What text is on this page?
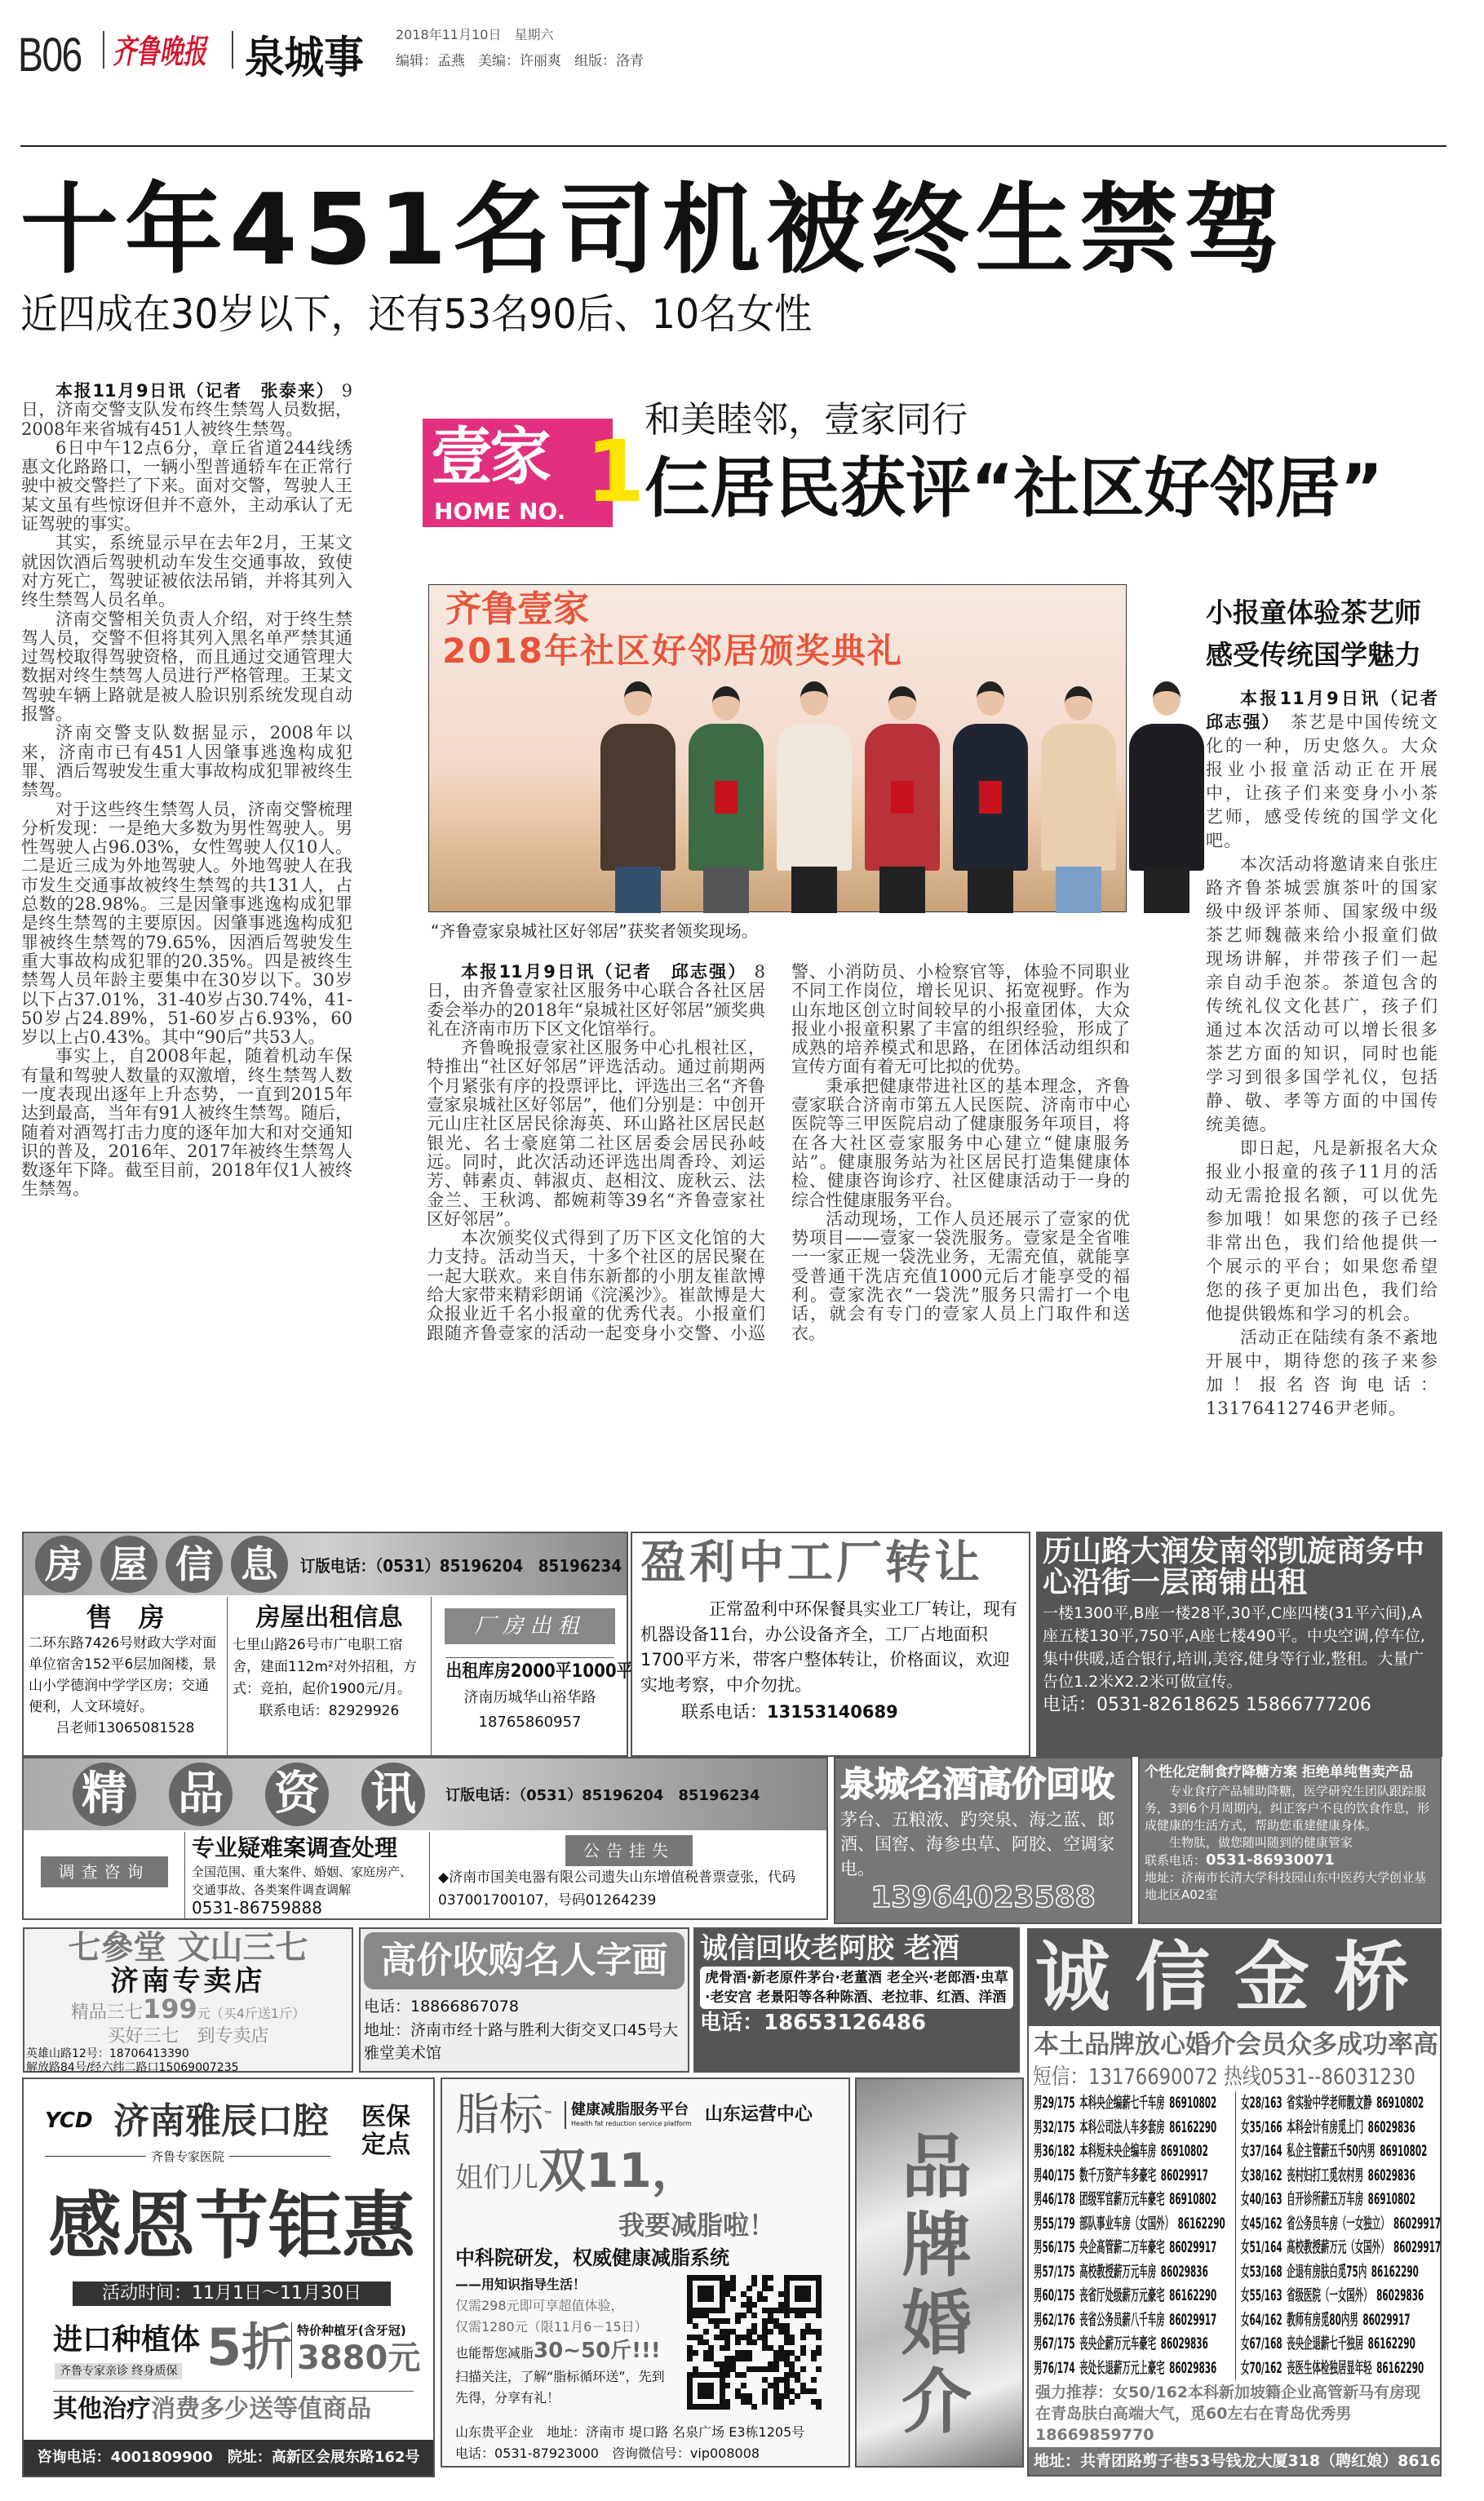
B06 齐鲁晚报 泉城事 2018年11月10日 星期六
编辑：孟燕 美编：许丽爽 组版：洛青
十年451名司机被终生禁驾
近四成在30岁以下，还有53名90后、10名女性

本报11月9日讯（记者　张泰来） 9日，济南交警支队发布终生禁驾人员数据，2008年来省城有451人被终生禁驾。

6日中午12点6分，章丘省道244线绣惠文化路路口，一辆小型普通轿车在正常行驶中被交警拦了下来。面对交警，驾驶人王某文虽有些惊讶但并不意外，主动承认了无证驾驶的事实。

其实，系统显示早在去年2月，王某文就因饮酒后驾驶机动车发生交通事故，致使对方死亡，驾驶证被依法吊销，并将其列入终生禁驾人员名单。

济南交警相关负责人介绍，对于终生禁驾人员，交警不但将其列入黑名单严禁其通过驾校取得驾驶资格，而且通过交通管理大数据对终生禁驾人员进行严格管理。王某文驾驶车辆上路就是被人脸识别系统发现自动报警。

济南交警支队数据显示，2008年以来，济南市已有451人因肇事逃逸构成犯罪、酒后驾驶发生重大事故构成犯罪被终生禁驾。

对于这些终生禁驾人员，济南交警梳理分析发现：一是绝大多数为男性驾驶人。男性驾驶人占96.03%，女性驾驶人仅10人。二是近三成为外地驾驶人。外地驾驶人在我市发生交通事故被终生禁驾的共131人，占总数的28.98%。三是因肇事逃逸构成犯罪是终生禁驾的主要原因。因肇事逃逸构成犯罪被终生禁驾的79.65%，因酒后驾驶发生重大事故构成犯罪的20.35%。四是被终生禁驾人员年龄主要集中在30岁以下。30岁以下占37.01%，31-40岁占30.74%，41-50岁占24.89%，51-60岁占6.93%，60岁以上占0.43%。其中“90后”共53人。

事实上，自2008年起，随着机动车保有量和驾驶人数量的双激增，终生禁驾人数一度表现出逐年上升态势，一直到2015年达到最高，当年有91人被终生禁驾。随后，随着对酒驾打击力度的逐年加大和对交通知识的普及，2016年、2017年被终生禁驾人数逐年下降。截至目前，2018年仅1人被终生禁驾。

壹家
HOME NO. 1
和美睦邻，壹家同行
仨居民获评“社区好邻居”
齐鲁壹家
2018年社区好邻居颁奖典礼
“齐鲁壹家泉城社区好邻居”获奖者领奖现场。

本报11月9日讯（记者　邱志强） 8日，由齐鲁壹家社区服务中心联合各社区居委会举办的2018年“泉城社区好邻居”颁奖典礼在济南市历下区文化馆举行。

齐鲁晚报壹家社区服务中心扎根社区，特推出“社区好邻居”评选活动。通过前期两个月紧张有序的投票评比，评选出三名“齐鲁壹家泉城社区好邻居”，他们分别是：中创开元山庄社区居民徐海英、环山路社区居民赵银光、名士豪庭第二社区居委会居民孙岐远。同时，此次活动还评选出周香玲、刘运芳、韩素贞、韩淑贞、赵相汶、庞秋云、法金兰、王秋鸿、都婉莉等39名“齐鲁壹家社区好邻居”。

本次颁奖仪式得到了历下区文化馆的大力支持。活动当天，十多个社区的居民聚在一起大联欢。来自伟东新都的小朋友崔歆博给大家带来精彩朗诵《浣溪沙》。崔歆博是大众报业近千名小报童的优秀代表。小报童们跟随齐鲁壹家的活动一起变身小交警、小巡警、小消防员、小检察官等，体验不同职业不同工作岗位，增长见识、拓宽视野。作为山东地区创立时间较早的小报童团体，大众报业小报童积累了丰富的组织经验，形成了成熟的培养模式和思路，在团体活动组织和宣传方面有着无可比拟的优势。

秉承把健康带进社区的基本理念，齐鲁壹家联合济南市第五人民医院、济南市中心医院等三甲医院启动了健康服务年项目，将在各大社区壹家服务中心建立“健康服务站”。健康服务站为社区居民打造集健康体检、健康咨询诊疗、社区健康活动于一身的综合性健康服务平台。

活动现场，工作人员还展示了壹家的优势项目——壹家一袋洗服务。壹家是全省唯一一家正规一袋洗业务，无需充值，就能享受普通干洗店充值1000元后才能享受的福利。壹家洗衣“一袋洗”服务只需打一个电话，就会有专门的壹家人员上门取件和送衣。

小报童体验茶艺师
感受传统国学魅力

本报11月9日讯（记者邱志强）　茶艺是中国传统文化的一种，历史悠久。大众报业小报童活动正在开展中，让孩子们来变身小小茶艺师，感受传统的国学文化吧。

本次活动将邀请来自张庄路齐鲁茶城雲旗茶叶的国家级中级评茶师、国家级中级茶艺师魏薇来给小报童们做现场讲解，并带孩子们一起亲自动手泡茶。茶道包含的传统礼仪文化甚广，孩子们通过本次活动可以增长很多茶艺方面的知识，同时也能学习到很多国学礼仪，包括静、敬、孝等方面的中国传统美德。

即日起，凡是新报名大众报业小报童的孩子11月的活动无需抢报名额，可以优先参加哦！如果您的孩子已经非常出色，我们给他提供一个展示的平台；如果您希望您的孩子更加出色，我们给他提供锻炼和学习的机会。

活动正在陆续有条不紊地开展中，期待您的孩子来参加！报名咨询电话：13176412746尹老师。

房 屋 信 息 订版电话：（0531）85196204　85196234
售　房
二环东路7426号财政大学对面单位宿舍152平6层加阁楼，景山小学德润中学学区房；交通便利，人文环境好。
吕老师13065081528
房屋出租信息
七里山路26号市广电职工宿舍，建面112m²对外招租，方式：竞拍，起价1900元/月。
联系电话：82929926
厂房出租
出租库房2000平1000平
济南历城华山裕华路
18765860957
盈利中工厂转让
正常盈利中环保餐具实业工厂转让，现有机器设备11台，办公设备齐全，工厂占地面积1700平方米，带客户整体转让，价格面议，欢迎实地考察，中介勿扰。
联系电话：13153140689
历山路大润发南邻凯旋商务中心沿街一层商铺出租
一楼1300平,B座一楼28平,30平,C座四楼(31平六间),A座五楼130平,750平,A座七楼490平。中央空调,停车位,集中供暖,适合银行,培训,美容,健身等行业,整租。大量广告位1.2米X2.2米可做宣传。
电话：0531-82618625 15866777206
精 品 资 讯 订版电话：（0531）85196204　85196234
调查咨询
专业疑难案调查处理
全国范围、重大案件、婚姻、家庭房产、交通事故、各类案件调查调解
0531-86759888
公告挂失
◆济南市国美电器有限公司遗失山东增值税普票壹张，代码037001700107，号码01264239
泉城名酒高价回收
茅台、五粮液、趵突泉、海之蓝、郎酒、国窖、海参虫草、阿胶、空调家电。
13964023588
个性化定制食疗降糖方案 拒绝单纯售卖产品
专业食疗产品辅助降糖，医学研究生团队跟踪服务，3到6个月周期内，纠正客户不良的饮食作息，形成健康的生活方式，帮助您重建健康身体。
生物肽，做您随叫随到的健康管家
联系电话：0531-86930071
地址：济南市长清大学科技园山东中医药大学创业基地北区A02室
七參堂 文山三七
济南专卖店
精品三七199元（买4斤送1斤）
买好三七　到专卖店
英雄山路12号：18706413390
解放路84号/经六纬二路口15069007235
高价收购名人字画
电话：18866867078
地址：济南市经十路与胜利大街交叉口45号大雅堂美术馆
诚信回收老阿胶 老酒
虎骨酒·新老原件茅台·老董酒 老全兴·老郎酒·虫草·老安宫 老景阳等各种陈酒、老拉菲、红酒、洋酒
电话：18653126486
诚信金桥
本土品牌放心婚介会员众多成功率高
短信：13176690072 热线0531--86031230
男29/175 本科央企编薪七千车房 86910802
男32/175 本科公司法人车多套房 86162290
男36/182 本科短未央企编车房 86910802
男40/175 数千万资产车多豪宅 86029917
男46/178 团级军官薪万元车豪宅 86910802
男55/179 部队事业车房（女国外） 86162290
男56/175 央企高管薪二万车豪宅 86029917
男57/175 高校教授薪万元车房 86029836
男60/175 丧省厅处级薪万元豪宅 86162290
男62/176 丧省公务员薪八千车房 86029917
男67/175 丧央企薪万元车豪宅 86029836
男76/174 丧处长退薪万元上豪宅 86029836
女28/163 省实验中学老师靓文静 86910802
女35/166 本科会计有房觅上门 86029836
女37/164 私企主管薪五千50内男 86910802
女38/162 丧村妇打工觅农村男 86029836
女40/163 自开诊所薪五万车房 86910802
女45/162 省公务员车房（一女独立） 86029917
女51/164 高校教授薪万元（女国外） 86029917
女53/168 企退有房肤白觅75内 86162290
女55/163 省级医院（一女国外） 86029836
女64/162 教师有房觅80内男 86029917
女67/168 丧央企退薪七千独居 86162290
女70/162 丧医生体检独居显年轻 86162290
强力推荐：女50/162本科新加坡籍企业高管新马有房现在青岛肤白高端大气，觅60左右在青岛优秀男18669859770
地址：共青团路剪子巷53号钱龙大厦318（聘红娘）86162387
YCD 济南雅辰口腔
齐鲁专家医院
医保定点
感恩节钜惠
活动时间：11月1日～11月30日
进口种植体
齐鲁专家亲诊 终身质保 5折 特价种植牙(含牙冠)
3880元
其他治疗消费多少送等值商品
咨询电话：4001809900　院址：高新区会展东路162号
脂标 ™ 健康减脂服务平台
Health fat reduction service platform 山东运营中心
姐们儿双11，
我要减脂啦！
中科院研发，权威健康减脂系统
——用知识指导生活！
仅需298元即可享超值体验，
仅需1280元（限11月6－15日）
也能帮您减脂30~50斤!!!
扫描关注，了解“脂标循环送”，先到先得，分享有礼！
山东贵平企业　地址：济南市 堤口路 名泉广场 E3栋1205号
电话：0531-87923000　咨询微信号：vip008008
品牌婚介
